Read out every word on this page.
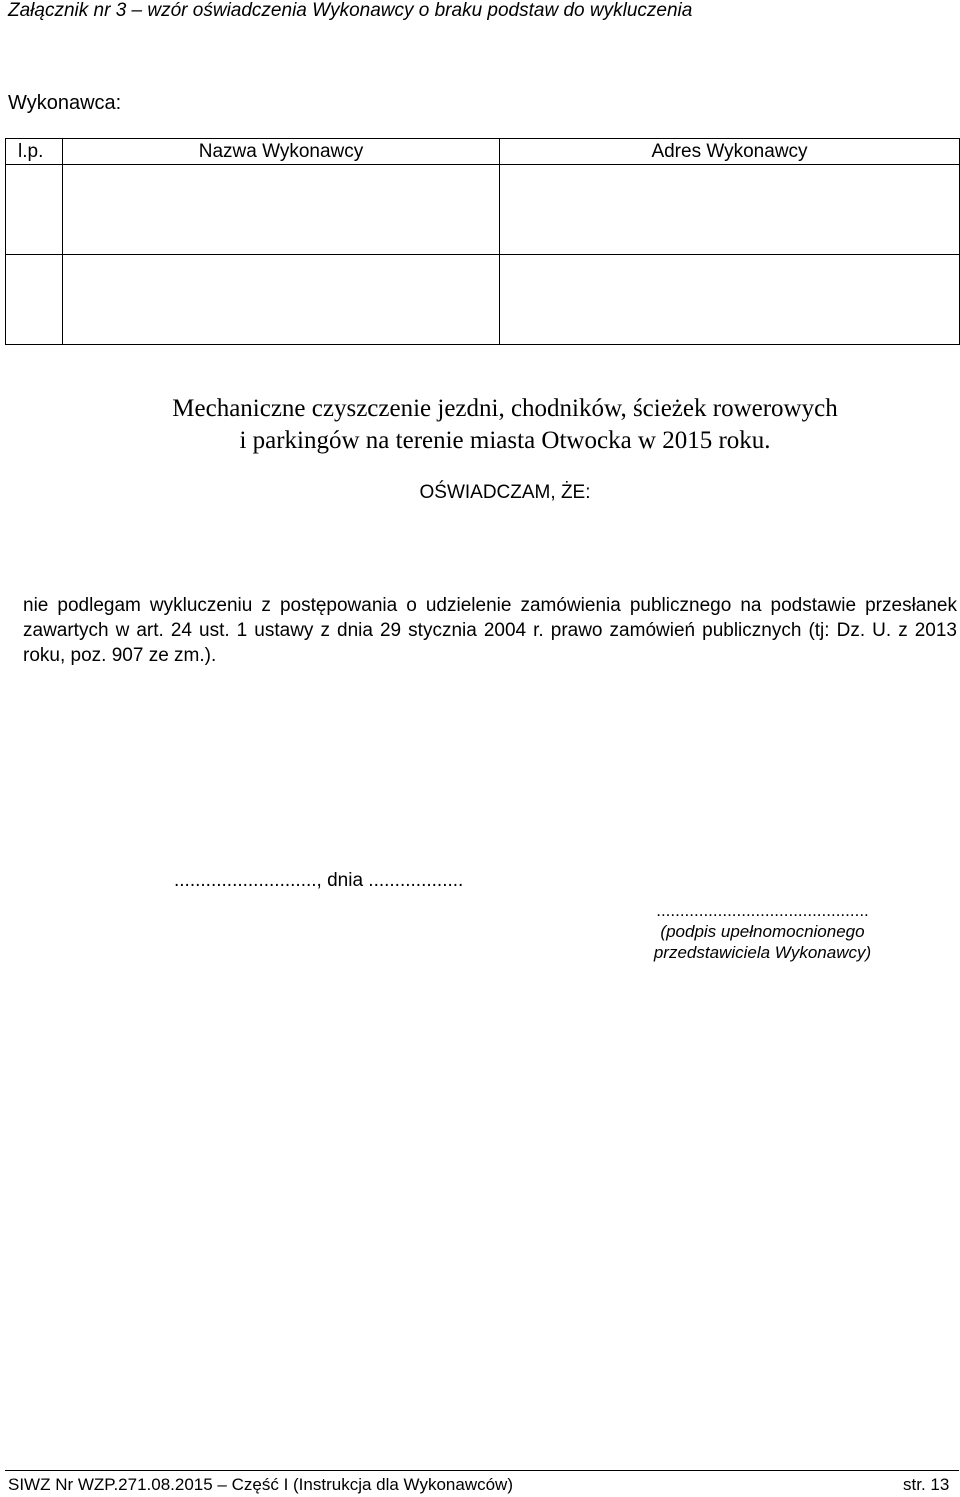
Załącznik nr 3 – wzór oświadczenia Wykonawcy o braku podstaw do wykluczenia
Wykonawca:
l.p.	Nazwa Wykonawcy	Adres Wykonawcy

Mechaniczne czyszczenie jezdni, chodników, ścieżek rowerowych
i parkingów na terenie miasta Otwocka w 2015 roku.
OŚWIADCZAM, ŻE:
nie podlegam wykluczeniu z postępowania o udzielenie zamówienia publicznego na podstawie przesłanek zawartych w art. 24 ust. 1 ustawy z dnia 29 stycznia 2004 r. prawo zamówień publicznych (tj: Dz. U. z 2013 roku, poz. 907 ze zm.).
..........................., dnia ..................
.............................................
(podpis upełnomocnionego
przedstawiciela Wykonawcy)
SIWZ Nr WZP.271.08.2015 – Część I (Instrukcja dla Wykonawców)	str. 13
